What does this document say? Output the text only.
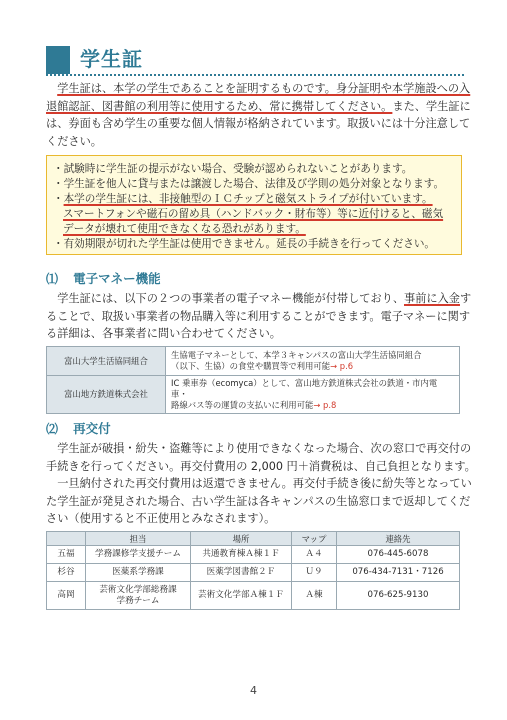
学生証
　学生証は、本学の学生であることを証明するものです。身分証明や本学施設への入
退館認証、図書館の利用等に使用するため、常に携帯してください。また、学生証に
は、券面も含め学生の重要な個人情報が格納されています。取扱いには十分注意して
ください。
・試験時に学生証の提示がない場合、受験が認められないことがあります。
・学生証を他人に貸与または譲渡した場合、法律及び学則の処分対象となります。
・本学の学生証には、非接触型のＩＣチップと磁気ストライプが付いています。
スマートフォンや磁石の留め具（ハンドバック・財布等）等に近付けると、磁気
データが壊れて使用できなくなる恐れがあります。
・有効期限が切れた学生証は使用できません。延長の手続きを行ってください。
⑴ 電子マネー機能
　学生証には、以下の２つの事業者の電子マネー機能が付帯しており、事前に入金す
ることで、取扱い事業者の物品購入等に利用することができます。電子マネーに関す
る詳細は、各事業者に問い合わせてください。
富山大学生活協同組合	生協電子マネーとして、本学３キャンパスの富山大学生活協同組合
（以下、生協）の食堂や購買等で利用可能→ p.6

富山地方鉄道株式会社	IC 乗車券（ecomyca）として、富山地方鉄道株式会社の鉄道・市内電車・
路線バス等の運賃の支払いに利用可能→ p.8
⑵ 再交付
　学生証が破損・紛失・盗難等により使用できなくなった場合、次の窓口で再交付の
手続きを行ってください。再交付費用の 2,000 円＋消費税は、自己負担となります。
　一旦納付された再交付費用は返還できません。再交付手続き後に紛失等となってい
た学生証が発見された場合、古い学生証は各キャンパスの生協窓口まで返却してくだ
さい（使用すると不正使用とみなされます）。
	担当	場所	マップ	連絡先
五福	学務課修学支援チーム	共通教育棟Ａ棟１Ｆ	Ａ４	076-445-6078
杉谷	医薬系学務課	医薬学図書館２Ｆ	Ｕ９	076-434-7131・7126
高岡	芸術文化学部総務課
学務チーム	芸術文化学部Ａ棟１Ｆ	Ａ棟	076-625-9130
4
